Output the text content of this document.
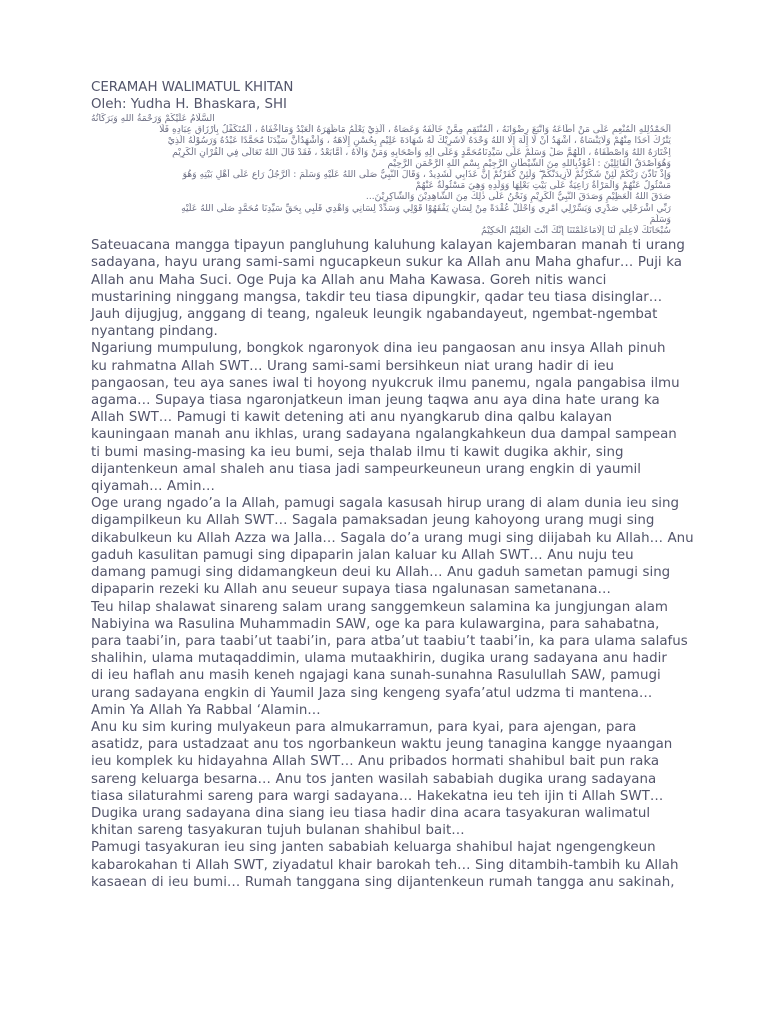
CERAMAH WALIMATUL KHITAN
Oleh: Yudha H. Bhaskara, SHI
السَّلَامُ عَلَيْكُمْ وَرَحْمَةُ اللهِ وَبَرَكَاتُهُ
اَلْحَمْدُلِلهِ الْمُنْعِمِ عَلَى مَنْ أَطَاعَهُ وَاتَّبَعَ رِضْوَانَهُ ، اَلْمُنْتَقِمِ مِمَّنْ خَالَفَهُ وَعَصَاهُ ، اَلَّذِيْ يَعْلَمُ مَاظَهَرَهُ الْعَبْدُ وَمَاأَخْفَاهُ ، اَلْمُتَكَفِّلُ بِأَرْزَاقِ عِبَادِهِ فَلَا
يَتْرُكُ اَحَدًا مِنْهُمْ وَلَايَنْسَاهُ ، أَشْهَدُ أَنْ لَا إِلَهَ إِلَّا اللهُ وَحْدَهُ لَاشَرِيْكَ لَهُ شَهَادَةَ عَلِيْمٍ بِحُسْنِ إِلَاهَهُ ، وَأَشْهَدُأَنَّ سَيِّدَنَا مُحَمَّدًا عَبْدُهُ وَرَسُوْلُهُ الَّذِيْ
اِخْتَارَهُ اللهُ وَاصْطَفَاهُ ، اَللّٰهُمَّ صَلِّ وَسَلِّمْ عَلَى سَيِّدِنَامُحَمَّدٍ وَعَلَى اٰلِهِ وَأَصْحَابِهِ وَمَنْ وَالَاهُ ، اَمَّابَعْدُ ، فَقَدْ قَالَ اللهُ تَعَالَى فِي الْقُرْاٰنِ الْكَرِيْمِ
وَهُوَاَصْدَقُ الْقَائِلِيْنَ : اَعُوْذُبِاللهِ مِنَ الشَّيْطَانِ الرَّجِيْمِ بِسْمِ اللهِ الرَّحْمَنِ الرَّحِيْمِ
وَإِذْ تَأَذَّنَ رَبُّكُمْ لَئِنْ شَكَرْتُمْ لَأَزِيدَنَّكُمْ ۖ وَلَئِنْ كَفَرْتُمْ إِنَّ عَذَابِي لَشَدِيدٌ ، وَقَالَ النَّبِيُّ صَلَّى اللهُ عَلَيْهِ وَسَلَّمَ : اَلرَّجُلُ رَاعٍ عَلَى أَهْلِ بَيْتِهِ وَهُوَ
مَسْئُولٌ عَنْهُمْ وَالْمَرْأَةُ رَاعِيَةٌ عَلَى بَيْتِ بَعْلِهَا وَوَلَدِهِ وَهِيَ مَسْئُولَةٌ عَنْهُمْ
صَدَقَ اللهُ الْعَظِيْمِ وَصَدَقَ النَّبِيُّ الْكَرِيْمِ وَنَحْنُ عَلَى ذٰلِكَ مِنَ الشَّاهِدِيْنَ وَالشَّاكِرِيْنَ...
رَبِّي اشْرَحْلِي صَدْرِي وَيَسِّرْلِي أَمْرِي وَاحْلُلْ عُقْدَةً مِنْ لِسَانِ يَفْقَهُوْا قَوْلِي وَسَدِّدْ لِسَانِي وَاهْدِي قَلْبِي بِحَقِّ سَيِّدِنَا مُحَمَّدٍ صَلَّى اللهُ عَلَيْهِ
وَسَلَّمَ
سُبْحَانَكَ لَاعِلْمَ لَنَا إِلَّامَاعَلَّمْتَنَا إِنَّكَ أَنْتَ الْعَلِيْمُ الْحَكِيْمُ
Sateuacana mangga tipayun pangluhung kaluhung kalayan kajembaran manah ti urang
sadayana, hayu urang sami-sami ngucapkeun sukur ka Allah anu Maha ghafur… Puji ka
Allah anu Maha Suci. Oge Puja ka Allah anu Maha Kawasa. Goreh nitis wanci
mustarining ninggang mangsa, takdir teu tiasa dipungkir, qadar teu tiasa disinglar…
Jauh dijugjug, anggang di teang, ngaleuk leungik ngabandayeut, ngembat-ngembat
nyantang pindang.
Ngariung mumpulung, bongkok ngaronyok dina ieu pangaosan anu insya Allah pinuh
ku rahmatna Allah SWT… Urang sami-sami bersihkeun niat urang hadir di ieu
pangaosan, teu aya sanes iwal ti hoyong nyukcruk ilmu panemu, ngala pangabisa ilmu
agama… Supaya tiasa ngaronjatkeun iman jeung taqwa anu aya dina hate urang ka
Allah SWT… Pamugi ti kawit detening ati anu nyangkarub dina qalbu kalayan
kauningaan manah anu ikhlas, urang sadayana ngalangkahkeun dua dampal sampean
ti bumi masing-masing ka ieu bumi, seja thalab ilmu ti kawit dugika akhir, sing
dijantenkeun amal shaleh anu tiasa jadi sampeurkeuneun urang engkin di yaumil
qiyamah… Amin…
Oge urang ngado’a la Allah, pamugi sagala kasusah hirup urang di alam dunia ieu sing
digampilkeun ku Allah SWT… Sagala pamaksadan jeung kahoyong urang mugi sing
dikabulkeun ku Allah Azza wa Jalla… Sagala do’a urang mugi sing diijabah ku Allah… Anu
gaduh kasulitan pamugi sing dipaparin jalan kaluar ku Allah SWT… Anu nuju teu
damang pamugi sing didamangkeun deui ku Allah… Anu gaduh sametan pamugi sing
dipaparin rezeki ku Allah anu seueur supaya tiasa ngalunasan sametanana…
Teu hilap shalawat sinareng salam urang sanggemkeun salamina ka jungjungan alam
Nabiyina wa Rasulina Muhammadin SAW, oge ka para kulawargina, para sahabatna,
para taabi’in, para taabi’ut taabi’in, para atba’ut taabiu’t taabi’in, ka para ulama salafus
shalihin, ulama mutaqaddimin, ulama mutaakhirin, dugika urang sadayana anu hadir
di ieu haflah anu masih keneh ngajagi kana sunah-sunahna Rasulullah SAW, pamugi
urang sadayana engkin di Yaumil Jaza sing kengeng syafa’atul udzma ti mantena…
Amin Ya Allah Ya Rabbal ‘Alamin…
Anu ku sim kuring mulyakeun para almukarramun, para kyai, para ajengan, para
asatidz, para ustadzaat anu tos ngorbankeun waktu jeung tanagina kangge nyaangan
ieu komplek ku hidayahna Allah SWT… Anu pribados hormati shahibul bait pun raka
sareng keluarga besarna… Anu tos janten wasilah sababiah dugika urang sadayana
tiasa silaturahmi sareng para wargi sadayana… Hakekatna ieu teh ijin ti Allah SWT…
Dugika urang sadayana dina siang ieu tiasa hadir dina acara tasyakuran walimatul
khitan sareng tasyakuran tujuh bulanan shahibul bait…
Pamugi tasyakuran ieu sing janten sababiah keluarga shahibul hajat ngengengkeun
kabarokahan ti Allah SWT, ziyadatul khair barokah teh… Sing ditambih-tambih ku Allah
kasaean di ieu bumi… Rumah tanggana sing dijantenkeun rumah tangga anu sakinah,
